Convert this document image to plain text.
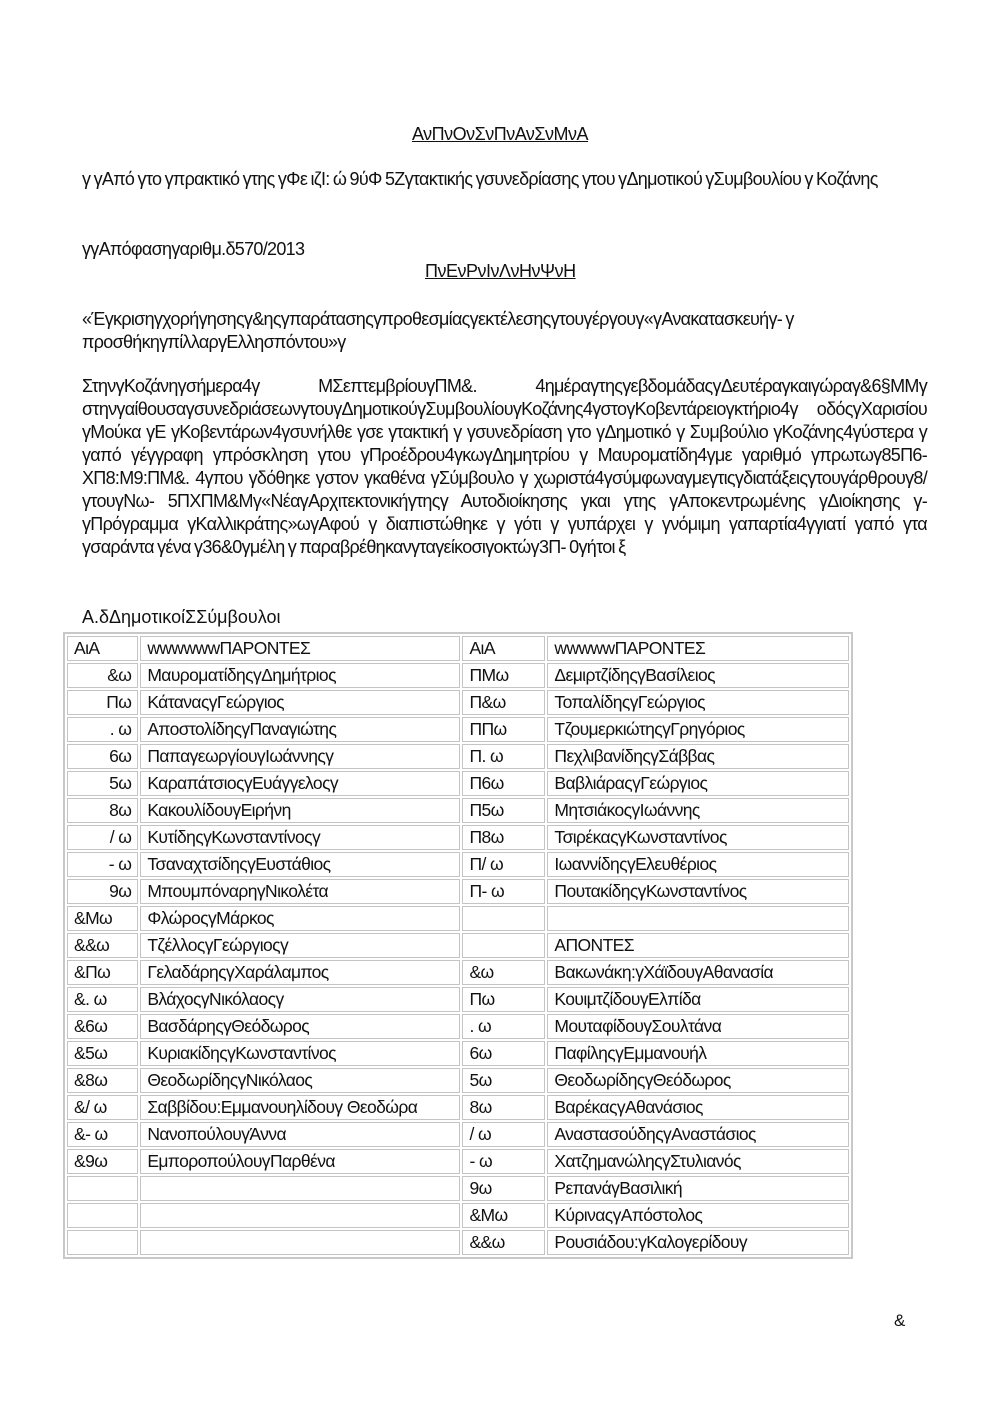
ΑνΠνΟνΣνΠνΑνΣνΜνΑ
γ γΑπό γτο γπρακτικό γτης γΦε ιζΙ: ώ 9ύΦ 5Ζγτακτικής γσυνεδρίασης γτου γΔημοτικού γΣυμβουλίου γ Κοζάνης
γγΑπόφασηγαριθμ.δ570/2013
ΠνΕνΡνΙνΛνΗνΨνΗ
«Έγκρισηγχορήγησηςγ&ηςγπαράτασηςγπροθεσμίαςγεκτέλεσηςγτουγέργουγ«γΑνακατασκευήγ- γ προσθήκηγπίλλαργΕλλησπόντου»γ
ΣτηνγΚοζάνηγσήμερα4γ ΜΣεπτεμβρίουγΠΜ&. 4ημέραγτηςγεβδομάδαςγΔευτέραγκαιγώραγ&6§ΜΜγ στηνγαίθουσαγσυνεδριάσεωνγτουγΔημοτικούγΣυμβουλίουγΚοζάνης4γστογΚοβεντάρειογκτήριο4γ οδόςγΧαρισίου γΜούκα γΕ γΚοβεντάρων4γσυνήλθε γσε γτακτική γ γσυνεδρίαση γτο γΔημοτικό γ Συμβούλιο γΚοζάνης4γύστερα γ γαπό γέγγραφη γπρόσκληση γτου γΠροέδρου4γκωγΔημητρίου γ Μαυροματίδη4γμε γαριθμό γπρωτωγ85Π6- ΧΠ8:Μ9:ΠΜ&. 4γπου γδόθηκε γστον γκαθένα γΣύμβουλο γ χωριστά4γσύμφωναγμεγτιςγδιατάξειςγτουγάρθρουγ8/ γτουγΝω- 5ΠΧΠΜ&Μγ«ΝέαγΑρχιτεκτονικήγτηςγ Αυτοδιοίκησης γκαι γτης γΑποκεντρωμένης γΔιοίκησης γ- γΠρόγραμμα γΚαλλικράτης»ωγΑφού γ διαπιστώθηκε γ γότι γ γυπάρχει γ γνόμιμη γαπαρτία4γγιατί γαπό γτα γσαράντα γένα γ36&0γμέλη γ παραβρέθηκανγταγείκοσιγοκτώγ3Π- 0γήτοι ξ
Α.δΔημοτικοίΣΣύμβουλοι
ΑιΑ	wwwwwwΠΑΡΟΝΤΕΣ	ΑιΑ	wwwwwΠΑΡΟΝΤΕΣ
&ω	ΜαυροματίδηςγΔημήτριος	ΠΜω	ΔεμιρτζίδηςγΒασίλειος
Πω	ΚάταναςγΓεώργιος	Π&ω	ΤοπαλίδηςγΓεώργιος
. ω	ΑποστολίδηςγΠαναγιώτης	ΠΠω	ΤζουμερκιώτηςγΓρηγόριος
6ω	ΠαπαγεωργίουγΙωάννηςγ	Π. ω	ΠεχλιβανίδηςγΣάββας
5ω	ΚαραπάτσιοςγΕυάγγελοςγ	Π6ω	ΒαβλιάραςγΓεώργιος
8ω	ΚακουλίδουγΕιρήνη	Π5ω	ΜητσιάκοςγΙωάννης
/ ω	ΚυτίδηςγΚωνσταντίνοςγ	Π8ω	ΤσιρέκαςγΚωνσταντίνος
- ω	ΤσαναχτσίδηςγΕυστάθιος	Π/ ω	ΙωαννίδηςγΕλευθέριος
9ω	ΜπουμπόναρηγΝικολέτα	Π- ω	ΠουτακίδηςγΚωνσταντίνος
&Μω	ΦλώροςγΜάρκος		
&&ω	ΤζέλλοςγΓεώργιοςγ		ΑΠΟΝΤΕΣ
&Πω	ΓελαδάρηςγΧαράλαμπος	&ω	Βακωνάκη:γΧάϊδουγΑθανασία
&. ω	ΒλάχοςγΝικόλαοςγ	Πω	ΚουιμτζίδουγΕλπίδα
&6ω	ΒασδάρηςγΘεόδωρος	. ω	ΜουταφίδουγΣουλτάνα
&5ω	ΚυριακίδηςγΚωνσταντίνος	6ω	ΠαφίληςγΕμμανουήλ
&8ω	ΘεοδωρίδηςγΝικόλαος	5ω	ΘεοδωρίδηςγΘεόδωρος
&/ ω	Σαββίδου:Εμμανουηλίδουγ Θεοδώρα	8ω	ΒαρέκαςγΑθανάσιος
&- ω	ΝανοπούλουγΆννα	/ ω	ΑναστασούδηςγΑναστάσιος
&9ω	ΕμποροπούλουγΠαρθένα	- ω	ΧατζημανώληςγΣτυλιανός
		9ω	ΡεπανάγΒασιλική
		&Μω	ΚύριναςγΑπόστολος
		&&ω	Ρουσιάδου:γΚαλογερίδουγ
&
